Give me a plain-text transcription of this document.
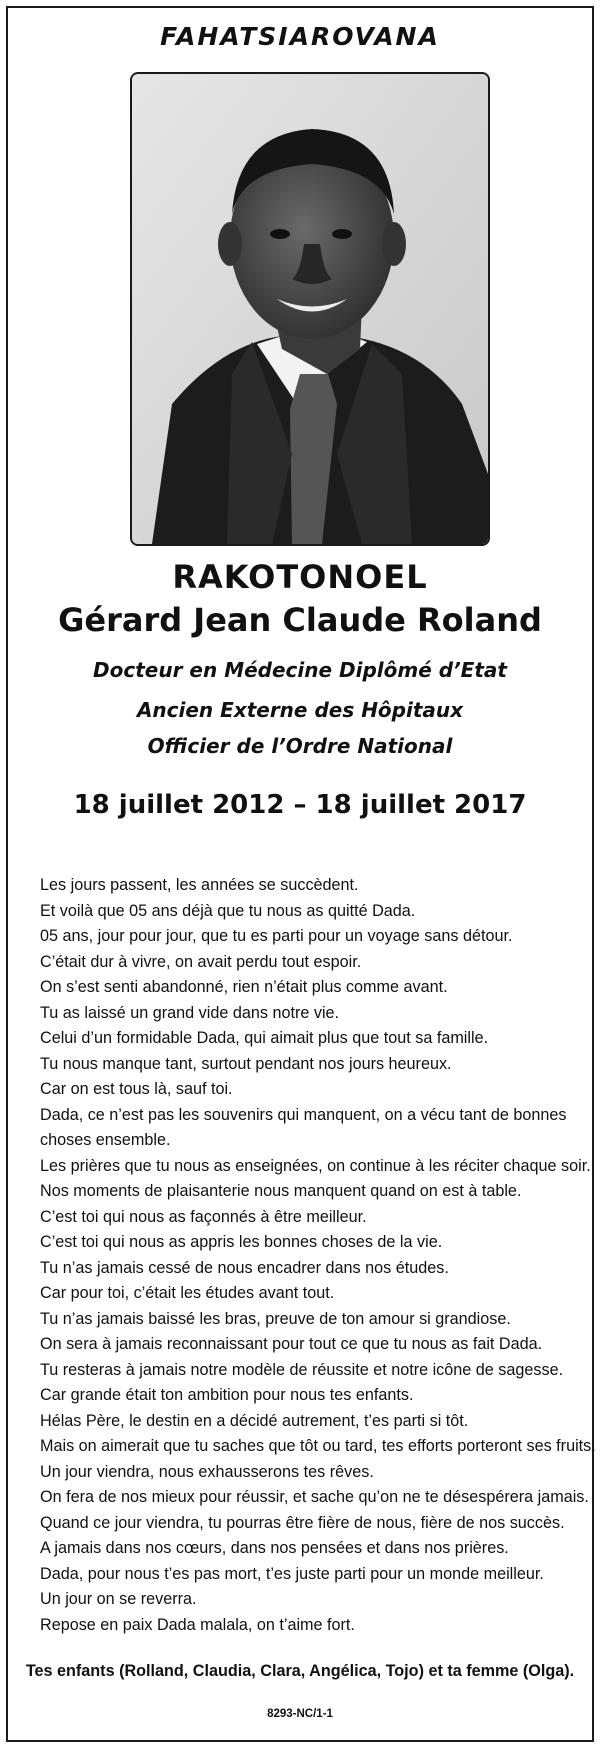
FAHATSIAROVANA
RAKOTONOEL
Gérard Jean Claude Roland
Docteur en Médecine Diplômé d’Etat
Ancien Externe des Hôpitaux
Officier de l’Ordre National
18 juillet 2012 – 18 juillet 2017
Les jours passent, les années se succèdent.
Et voilà que 05 ans déjà que tu nous as quitté Dada.
05 ans, jour pour jour, que tu es parti pour un voyage sans détour.
C’était dur à vivre, on avait perdu tout espoir.
On s’est senti abandonné, rien n’était plus comme avant.
Tu as laissé un grand vide dans notre vie.
Celui d’un formidable Dada, qui aimait plus que tout sa famille.
Tu nous manque tant, surtout pendant nos jours heureux.
Car on est tous là, sauf toi.
Dada, ce n’est pas les souvenirs qui manquent, on a vécu tant de bonnes
choses ensemble.
Les prières que tu nous as enseignées, on continue à les réciter chaque soir.
Nos moments de plaisanterie nous manquent quand on est à table.
C’est toi qui nous as façonnés à être meilleur.
C’est toi qui nous as appris les bonnes choses de la vie.
Tu n’as jamais cessé de nous encadrer dans nos études.
Car pour toi, c’était les études avant tout.
Tu n’as jamais baissé les bras, preuve de ton amour si grandiose.
On sera à jamais reconnaissant pour tout ce que tu nous as fait Dada.
Tu resteras à jamais notre modèle de réussite et notre icône de sagesse.
Car grande était ton ambition pour nous tes enfants.
Hélas Père, le destin en a décidé autrement, t’es parti si tôt.
Mais on aimerait que tu saches que tôt ou tard, tes efforts porteront ses fruits.
Un jour viendra, nous exhausserons tes rêves.
On fera de nos mieux pour réussir, et sache qu’on ne te désespérera jamais.
Quand ce jour viendra, tu pourras être fière de nous, fière de nos succès.
A jamais dans nos cœurs, dans nos pensées et dans nos prières.
Dada, pour nous t’es pas mort, t’es juste parti pour un monde meilleur.
Un jour on se reverra.
Repose en paix Dada malala, on t’aime fort.
Tes enfants (Rolland, Claudia, Clara, Angélica, Tojo) et ta femme (Olga).
8293-NC/1-1
